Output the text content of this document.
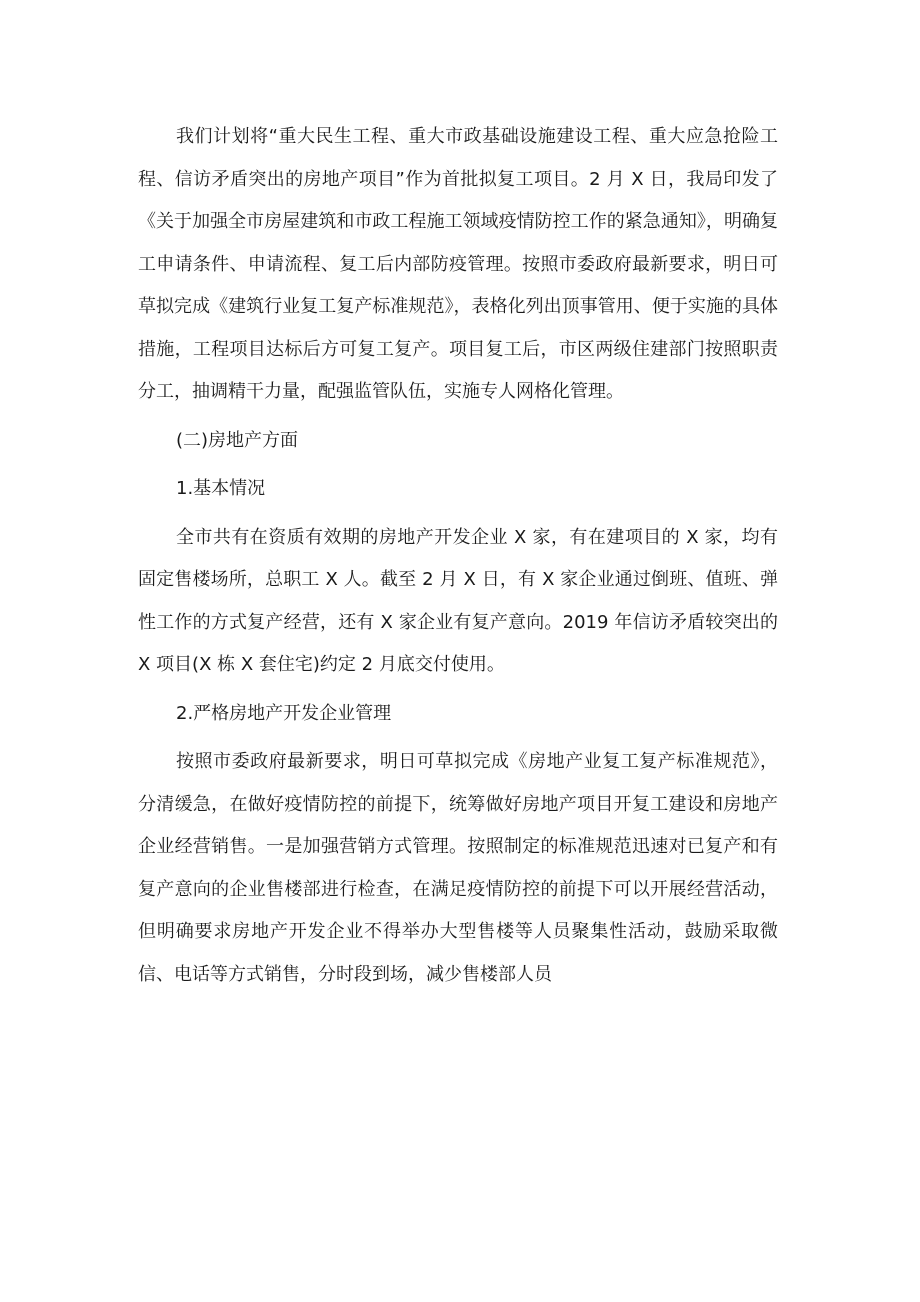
我们计划将“重大民生工程、重大市政基础设施建设工程、重大应急抢险工程、信访矛盾突出的房地产项目”作为首批拟复工项目。2 月 X 日，我局印发了《关于加强全市房屋建筑和市政工程施工领域疫情防控工作的紧急通知》，明确复工申请条件、申请流程、复工后内部防疫管理。按照市委政府最新要求，明日可草拟完成《建筑行业复工复产标准规范》，表格化列出顶事管用、便于实施的具体措施，工程项目达标后方可复工复产。项目复工后，市区两级住建部门按照职责分工，抽调精干力量，配强监管队伍，实施专人网格化管理。

(二)房地产方面

1.基本情况

全市共有在资质有效期的房地产开发企业 X 家，有在建项目的 X 家，均有固定售楼场所，总职工 X 人。截至 2 月 X 日，有 X 家企业通过倒班、值班、弹性工作的方式复产经营，还有 X 家企业有复产意向。2019 年信访矛盾较突出的 X 项目(X 栋 X 套住宅)约定 2 月底交付使用。

2.严格房地产开发企业管理

按照市委政府最新要求，明日可草拟完成《房地产业复工复产标准规范》，分清缓急，在做好疫情防控的前提下，统筹做好房地产项目开复工建设和房地产企业经营销售。一是加强营销方式管理。按照制定的标准规范迅速对已复产和有复产意向的企业售楼部进行检查，在满足疫情防控的前提下可以开展经营活动，但明确要求房地产开发企业不得举办大型售楼等人员聚集性活动，鼓励采取微信、电话等方式销售，分时段到场，减少售楼部人员
